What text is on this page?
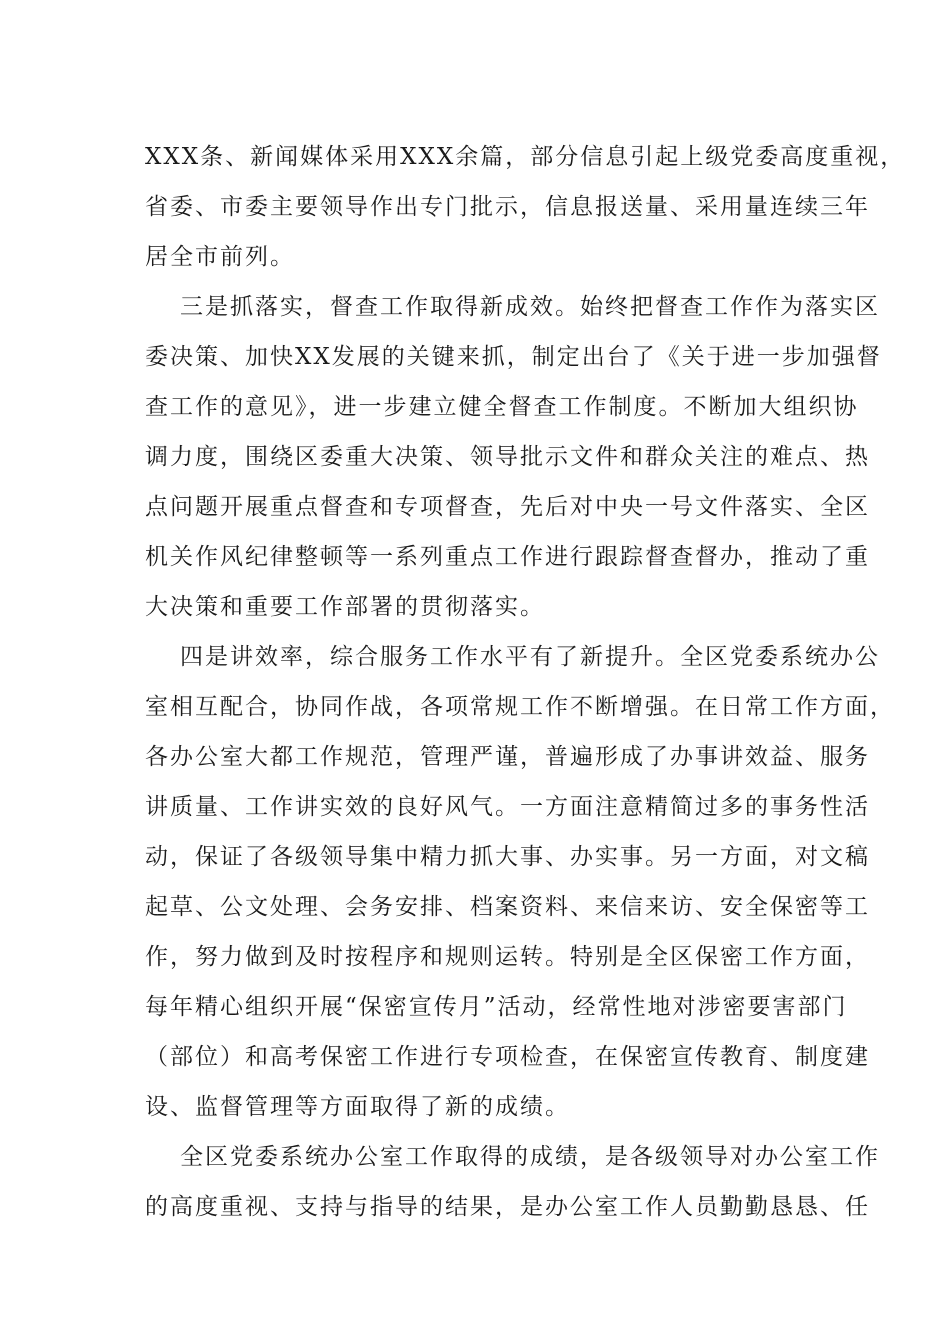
XXX条、新闻媒体采用XXX余篇，部分信息引起上级党委高度重视，
省委、市委主要领导作出专门批示，信息报送量、采用量连续三年
居全市前列。
三是抓落实，督查工作取得新成效。始终把督查工作作为落实区
委决策、加快XX发展的关键来抓，制定出台了《关于进一步加强督
查工作的意见》，进一步建立健全督查工作制度。不断加大组织协
调力度，围绕区委重大决策、领导批示文件和群众关注的难点、热
点问题开展重点督查和专项督查，先后对中央一号文件落实、全区
机关作风纪律整顿等一系列重点工作进行跟踪督查督办，推动了重
大决策和重要工作部署的贯彻落实。
四是讲效率，综合服务工作水平有了新提升。全区党委系统办公
室相互配合，协同作战，各项常规工作不断增强。在日常工作方面，
各办公室大都工作规范，管理严谨，普遍形成了办事讲效益、服务
讲质量、工作讲实效的良好风气。一方面注意精简过多的事务性活
动，保证了各级领导集中精力抓大事、办实事。另一方面，对文稿
起草、公文处理、会务安排、档案资料、来信来访、安全保密等工
作，努力做到及时按程序和规则运转。特别是全区保密工作方面，
每年精心组织开展“保密宣传月”活动，经常性地对涉密要害部门
（部位）和高考保密工作进行专项检查，在保密宣传教育、制度建
设、监督管理等方面取得了新的成绩。
全区党委系统办公室工作取得的成绩，是各级领导对办公室工作
的高度重视、支持与指导的结果，是办公室工作人员勤勤恳恳、任
